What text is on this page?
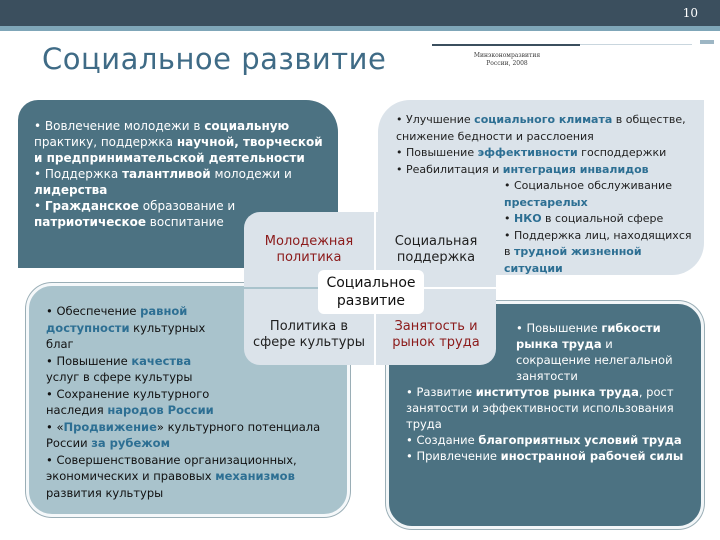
10
Социальное развитие	Минэкономразвития
России, 2008

• Вовлечение молодежи в социальную

практику, поддержка научной, творческой

и предпринимательской деятельности

• Поддержка талантливой молодежи и

лидерства

• Гражданское образование и

патриотическое воспитание

• Улучшение социального климата в обществе,

снижение бедности и расслоения

• Повышение эффективности господдержки

• Реабилитация и интеграция инвалидов

• Социальное обслуживание

престарелых

• НКО в социальной сфере

• Поддержка лиц, находящихся

в трудной жизненной ситуации

• Обеспечение равной

доступности культурных

благ

• Повышение качества

услуг в сфере культуры

• Сохранение культурного

наследия народов России

• «Продвижение» культурного потенциала

России за рубежом

• Совершенствование организационных,

экономических и правовых механизмов

развития культуры

• Повышение гибкости

рынка труда и

сокращение нелегальной

занятости

• Развитие институтов рынка труда, рост

занятости и эффективности использования

труда

• Создание благоприятных условий труда

• Привлечение иностранной рабочей силы

Молодежная
политика
Социальная
поддержка
Политика в
сфере культуры
Занятость и
рынок труда
Социальное
развитие
